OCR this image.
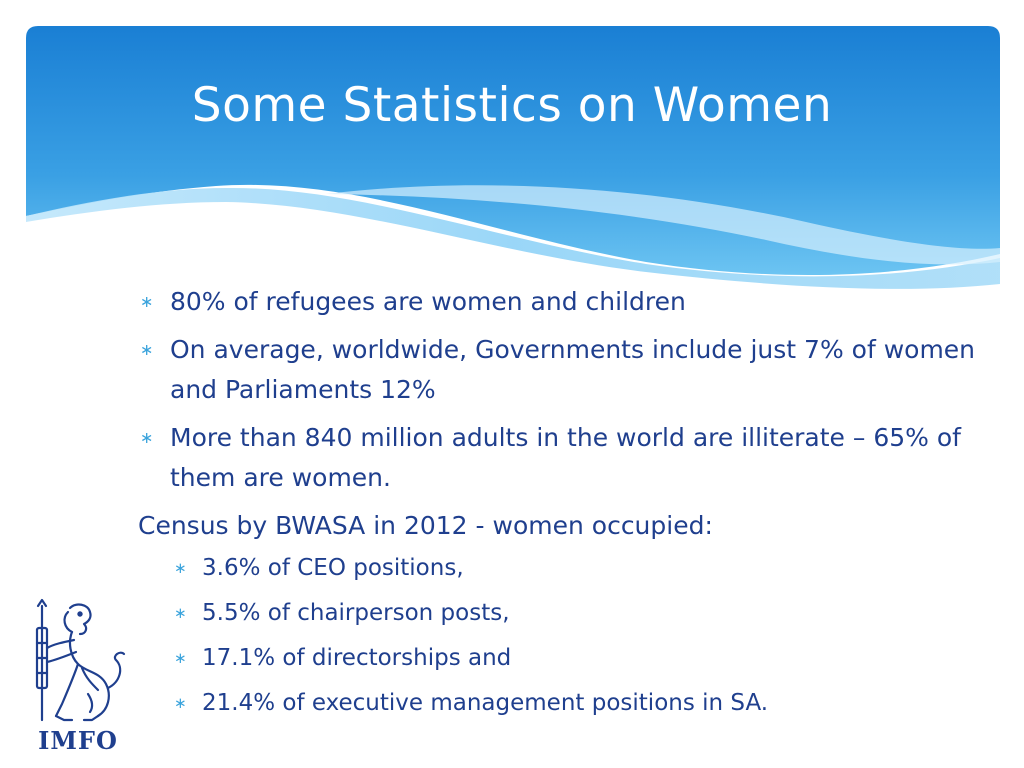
Some Statistics on Women
∗ 80% of refugees are women and children
∗ On average, worldwide, Governments include just 7% of women and Parliaments 12%
∗ More than 840 million adults in the world are illiterate – 65% of them are women.

Census by BWASA in 2012 - women occupied:

∗ 3.6% of CEO positions,
∗ 5.5% of chairperson posts,
∗ 17.1% of directorships and
∗ 21.4% of executive management positions in SA.
IMFO
